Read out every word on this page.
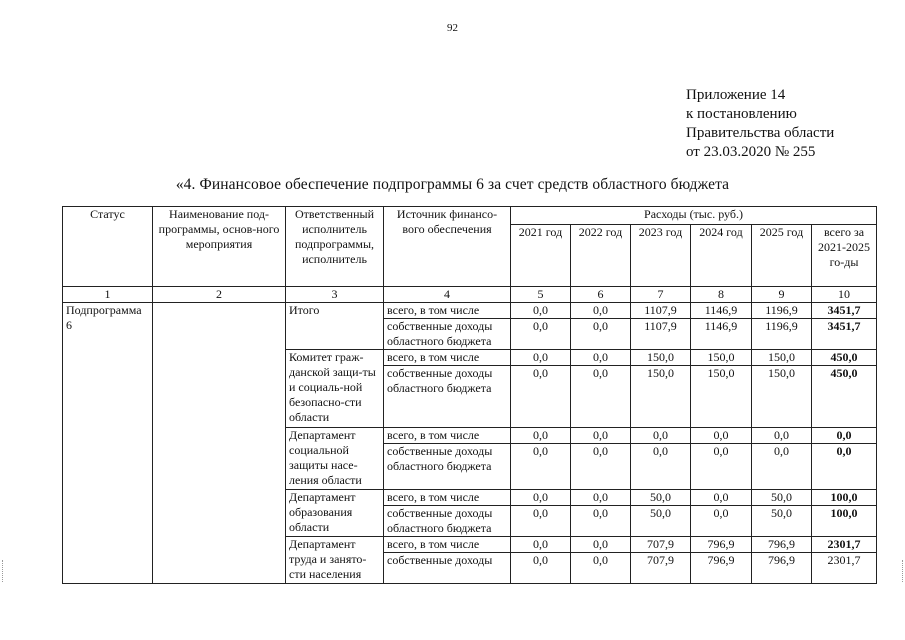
92
Приложение 14
к постановлению
Правительства области
от 23.03.2020 № 255
«4. Финансовое обеспечение подпрограммы 6 за счет средств областного бюджета
Статус	Наименование под-программы, основ-ного мероприятия	Ответственный исполнитель подпрограммы, исполнитель	Источник финансо-вого обеспечения	Расходы (тыс. руб.)					
				2021 год	2022 год	2023 год	2024 год	2025 год	всего за 2021-2025 го-ды
1	2	3	4	5	6	7	8	9	10
Подпрограмма 6		Итого	всего, в том числе	0,0	0,0	1107,9	1146,9	1196,9	3451,7
			собственные доходы областного бюджета	0,0	0,0	1107,9	1146,9	1196,9	3451,7
		Комитет граж-данской защи-ты и социаль-ной безопасно-сти области	всего, в том числе	0,0	0,0	150,0	150,0	150,0	450,0
			собственные доходы областного бюджета	0,0	0,0	150,0	150,0	150,0	450,0
		Департамент социальной защиты насе-ления области	всего, в том числе	0,0	0,0	0,0	0,0	0,0	0,0
			собственные доходы областного бюджета	0,0	0,0	0,0	0,0	0,0	0,0
		Департамент образования области	всего, в том числе	0,0	0,0	50,0	0,0	50,0	100,0
			собственные доходы областного бюджета	0,0	0,0	50,0	0,0	50,0	100,0
		Департамент труда и занято-сти населения	всего, в том числе	0,0	0,0	707,9	796,9	796,9	2301,7
			собственные доходы	0,0	0,0	707,9	796,9	796,9	2301,7
